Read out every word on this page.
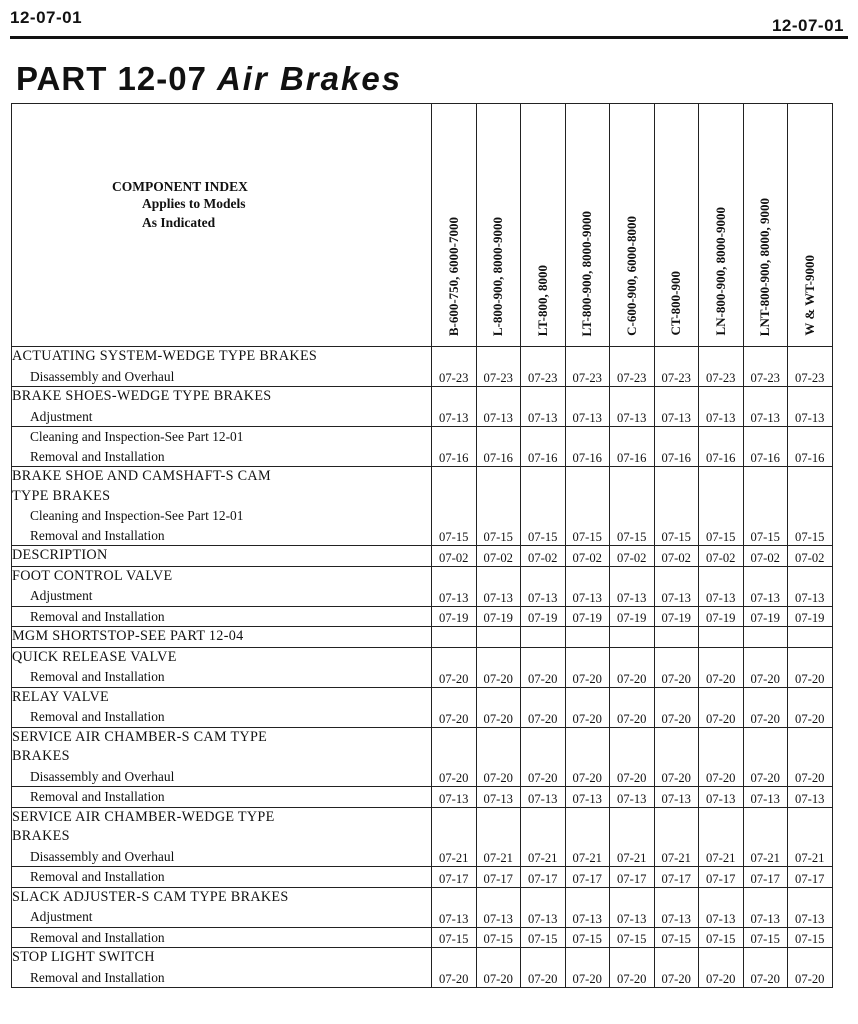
12-07-01	12-07-01
PART 12-07 Air Brakes
COMPONENT INDEX
Applies to Models
As Indicated	B-600-750, 6000-7000	L-800-900, 8000-9000	LT-800, 8000	LT-800-900, 8000-9000	C-600-900, 6000-8000	CT-800-900	LN-800-900, 8000-9000	LNT-800-900, 8000, 9000	W & WT-9000

ACTUATING SYSTEM-WEDGE TYPE BRAKES
Disassembly and Overhaul	07-23	07-23	07-23	07-23	07-23	07-23	07-23	07-23	07-23

BRAKE SHOES-WEDGE TYPE BRAKES
Adjustment	07-13	07-13	07-13	07-13	07-13	07-13	07-13	07-13	07-13

Cleaning and Inspection-See Part 12-01
Removal and Installation	07-16	07-16	07-16	07-16	07-16	07-16	07-16	07-16	07-16

BRAKE SHOE AND CAMSHAFT-S CAM
TYPE BRAKES
Cleaning and Inspection-See Part 12-01
Removal and Installation	07-15	07-15	07-15	07-15	07-15	07-15	07-15	07-15	07-15

DESCRIPTION	07-02	07-02	07-02	07-02	07-02	07-02	07-02	07-02	07-02

FOOT CONTROL VALVE
Adjustment	07-13	07-13	07-13	07-13	07-13	07-13	07-13	07-13	07-13

Removal and Installation	07-19	07-19	07-19	07-19	07-19	07-19	07-19	07-19	07-19

MGM SHORTSTOP-SEE PART 12-04									

QUICK RELEASE VALVE
Removal and Installation	07-20	07-20	07-20	07-20	07-20	07-20	07-20	07-20	07-20

RELAY VALVE
Removal and Installation	07-20	07-20	07-20	07-20	07-20	07-20	07-20	07-20	07-20

SERVICE AIR CHAMBER-S CAM TYPE
BRAKES
Disassembly and Overhaul	07-20	07-20	07-20	07-20	07-20	07-20	07-20	07-20	07-20

Removal and Installation	07-13	07-13	07-13	07-13	07-13	07-13	07-13	07-13	07-13

SERVICE AIR CHAMBER-WEDGE TYPE
BRAKES
Disassembly and Overhaul	07-21	07-21	07-21	07-21	07-21	07-21	07-21	07-21	07-21

Removal and Installation	07-17	07-17	07-17	07-17	07-17	07-17	07-17	07-17	07-17

SLACK ADJUSTER-S CAM TYPE BRAKES
Adjustment	07-13	07-13	07-13	07-13	07-13	07-13	07-13	07-13	07-13

Removal and Installation	07-15	07-15	07-15	07-15	07-15	07-15	07-15	07-15	07-15

STOP LIGHT SWITCH
Removal and Installation	07-20	07-20	07-20	07-20	07-20	07-20	07-20	07-20	07-20
